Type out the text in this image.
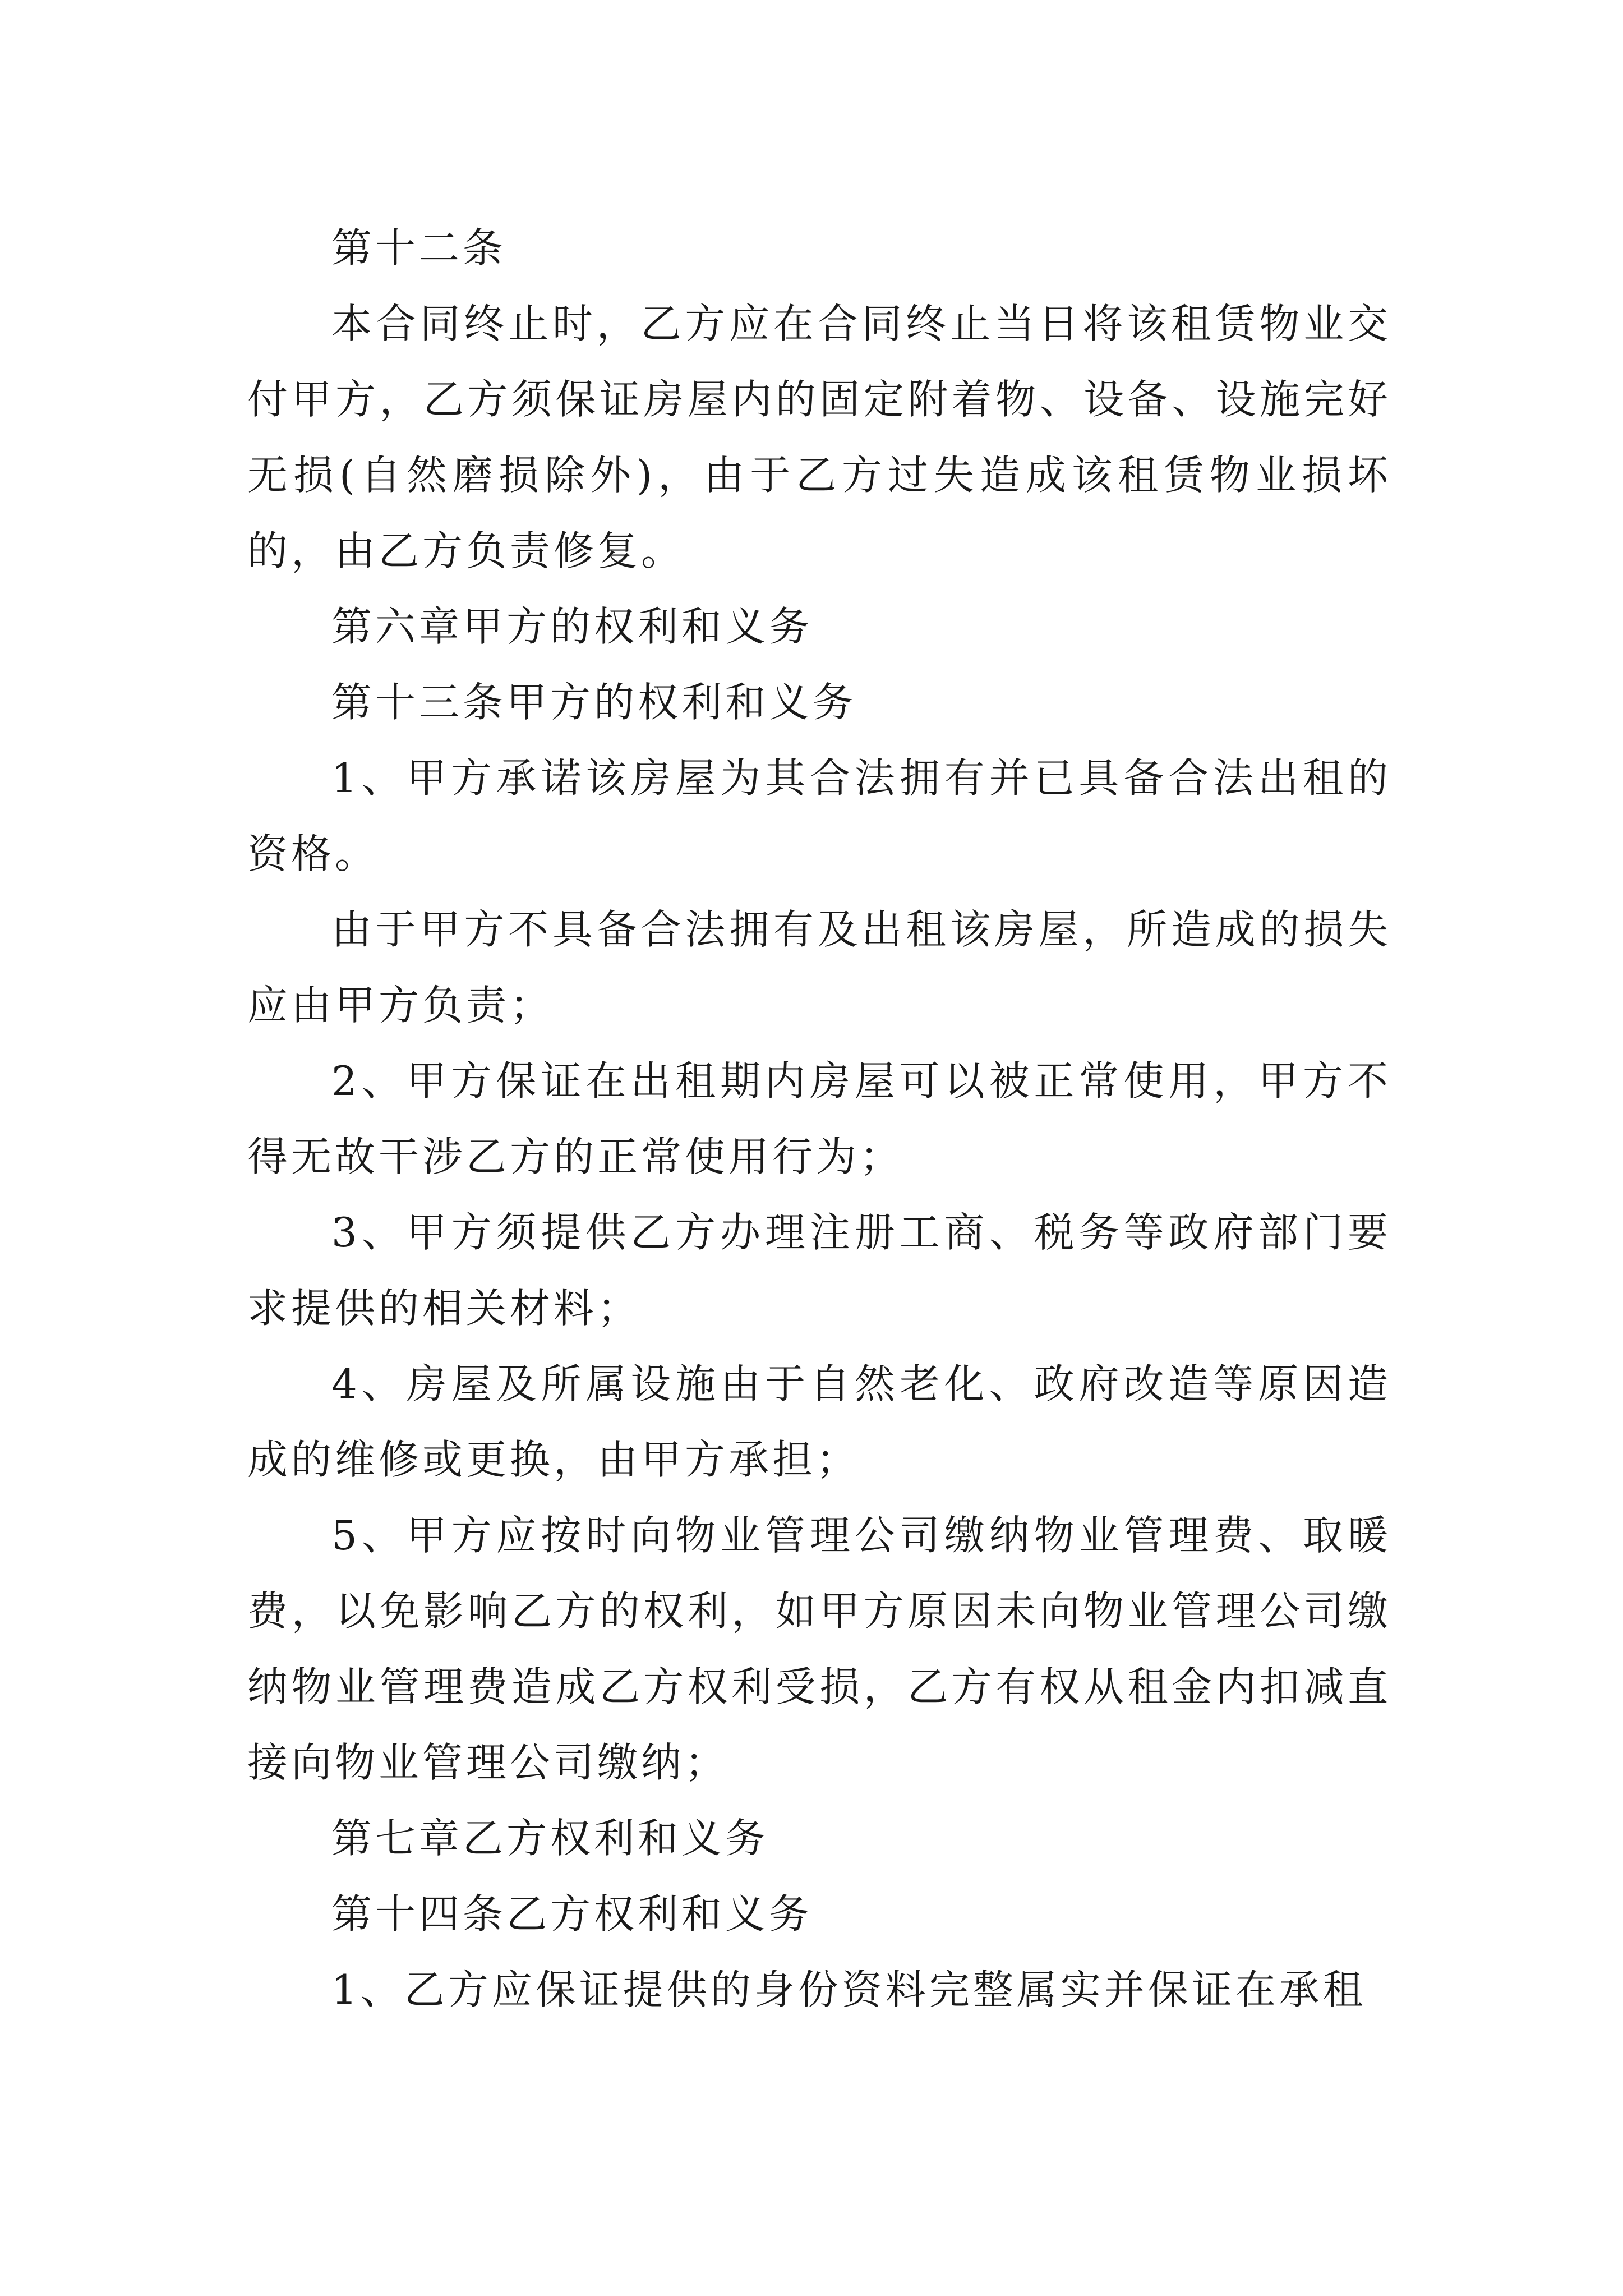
第十二条

本合同终止时，乙方应在合同终止当日将该租赁物业交付甲方，乙方须保证房屋内的固定附着物、设备、设施完好无损(自然磨损除外)，由于乙方过失造成该租赁物业损坏的，由乙方负责修复。

第六章甲方的权利和义务

第十三条甲方的权利和义务

1、甲方承诺该房屋为其合法拥有并已具备合法出租的资格。

由于甲方不具备合法拥有及出租该房屋，所造成的损失应由甲方负责；

2、甲方保证在出租期内房屋可以被正常使用，甲方不得无故干涉乙方的正常使用行为；

3、甲方须提供乙方办理注册工商、税务等政府部门要求提供的相关材料；

4、房屋及所属设施由于自然老化、政府改造等原因造成的维修或更换，由甲方承担；

5、甲方应按时向物业管理公司缴纳物业管理费、取暖费，以免影响乙方的权利，如甲方原因未向物业管理公司缴纳物业管理费造成乙方权利受损，乙方有权从租金内扣减直接向物业管理公司缴纳；

第七章乙方权利和义务

第十四条乙方权利和义务

1、乙方应保证提供的身份资料完整属实并保证在承租
